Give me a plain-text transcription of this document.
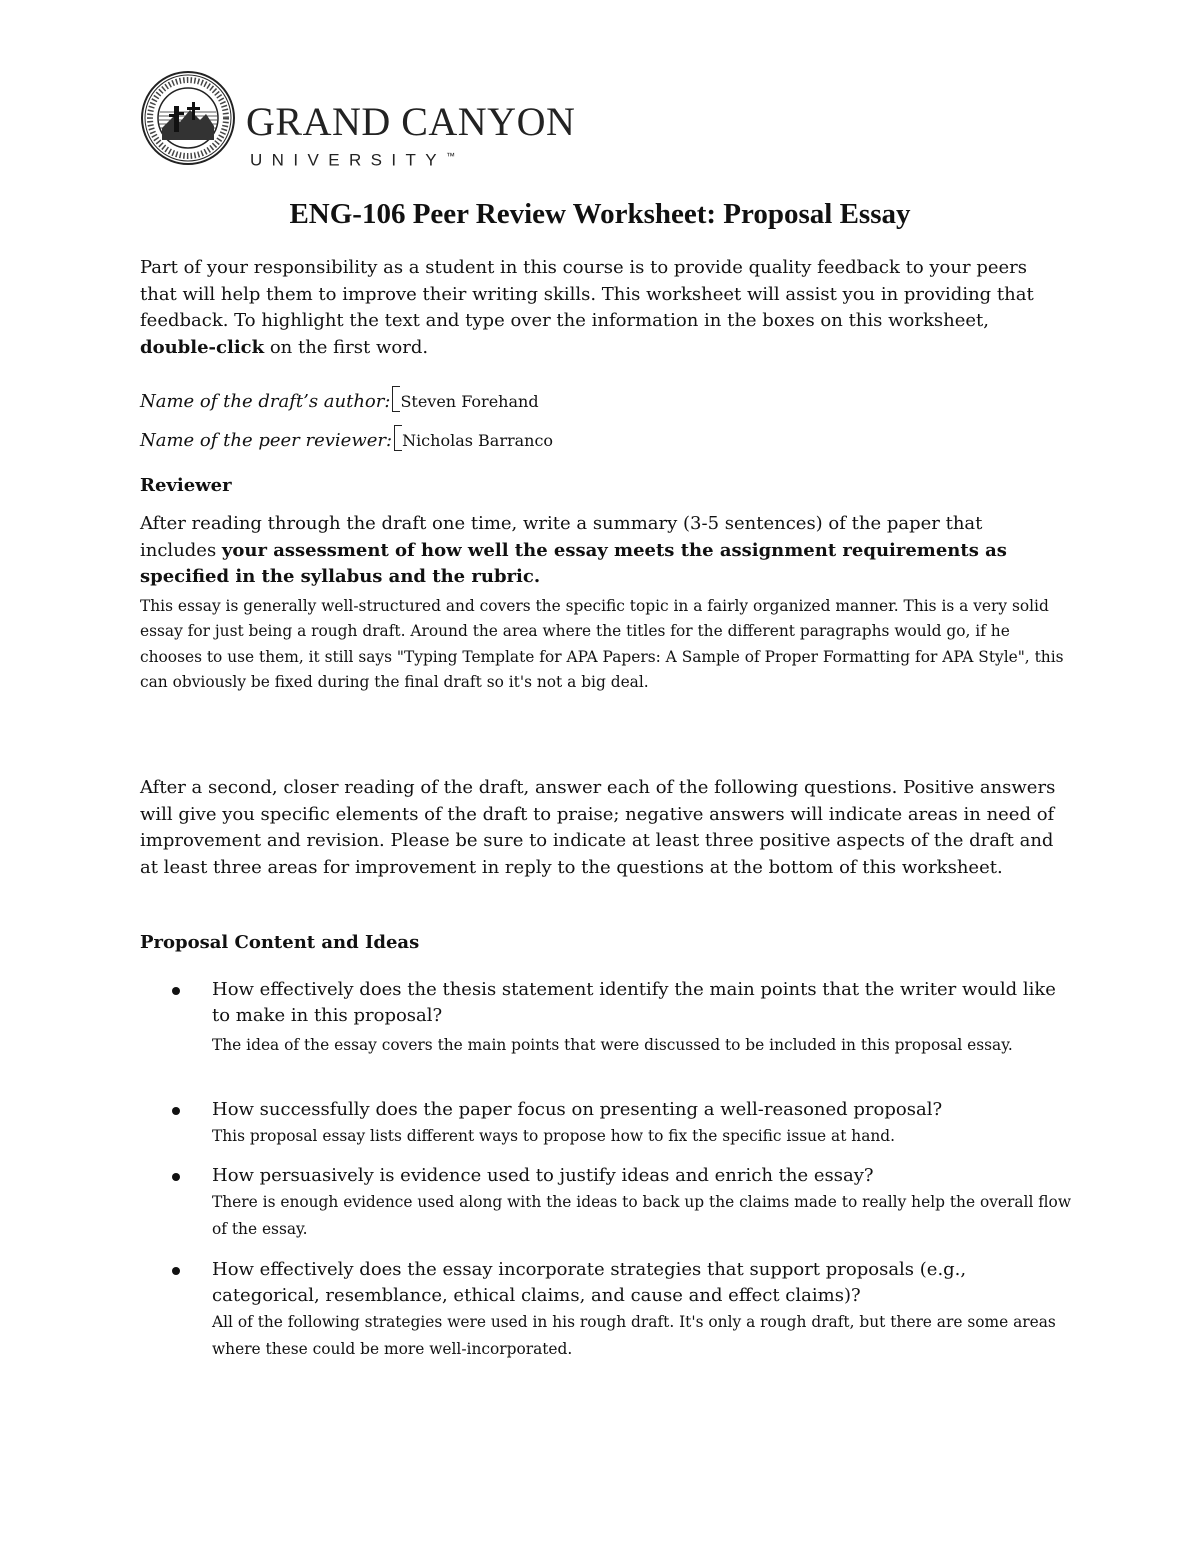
GRAND CANYON
UNIVERSITY™
ENG-106 Peer Review Worksheet: Proposal Essay
Part of your responsibility as a student in this course is to provide quality feedback to your peers that will help them to improve their writing skills. This worksheet will assist you in providing that feedback. To highlight the text and type over the information in the boxes on this worksheet, double-click on the first word.
Name of the draft’s author: Steven Forehand
Name of the peer reviewer: Nicholas Barranco
Reviewer
After reading through the draft one time, write a summary (3-5 sentences) of the paper that includes your assessment of how well the essay meets the assignment requirements as specified in the syllabus and the rubric.
This essay is generally well-structured and covers the specific topic in a fairly organized manner. This is a very solid essay for just being a rough draft. Around the area where the titles for the different paragraphs would go, if he chooses to use them, it still says "Typing Template for APA Papers: A Sample of Proper Formatting for APA Style", this can obviously be fixed during the final draft so it's not a big deal.
After a second, closer reading of the draft, answer each of the following questions. Positive answers will give you specific elements of the draft to praise; negative answers will indicate areas in need of improvement and revision. Please be sure to indicate at least three positive aspects of the draft and at least three areas for improvement in reply to the questions at the bottom of this worksheet.
Proposal Content and Ideas
How effectively does the thesis statement identify the main points that the writer would like to make in this proposal?
The idea of the essay covers the main points that were discussed to be included in this proposal essay.
How successfully does the paper focus on presenting a well-reasoned proposal?
This proposal essay lists different ways to propose how to fix the specific issue at hand.
How persuasively is evidence used to justify ideas and enrich the essay?
There is enough evidence used along with the ideas to back up the claims made to really help the overall flow of the essay.
How effectively does the essay incorporate strategies that support proposals (e.g., categorical, resemblance, ethical claims, and cause and effect claims)?
All of the following strategies were used in his rough draft. It's only a rough draft, but there are some areas where these could be more well-incorporated.
